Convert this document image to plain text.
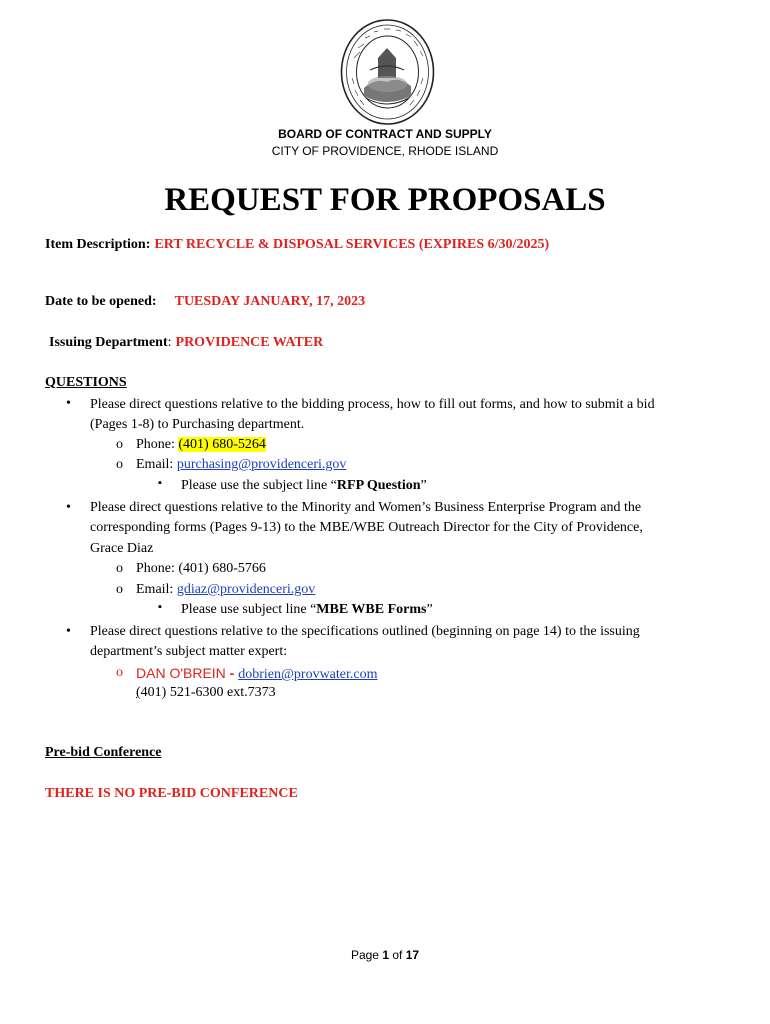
BOARD OF CONTRACT AND SUPPLY
CITY OF PROVIDENCE, RHODE ISLAND
REQUEST FOR PROPOSALS
Item Description: ERT RECYCLE & DISPOSAL SERVICES (EXPIRES 6/30/2025)
Date to be opened: TUESDAY JANUARY, 17, 2023
Issuing Department: PROVIDENCE WATER
QUESTIONS
• Please direct questions relative to the bidding process, how to fill out forms, and how to submit a bid
(Pages 1-8) to Purchasing department.
o Phone: (401) 680-5264
o Email: purchasing@providenceri.gov
▪ Please use the subject line “RFP Question”
• Please direct questions relative to the Minority and Women’s Business Enterprise Program and the
corresponding forms (Pages 9-13) to the MBE/WBE Outreach Director for the City of Providence,
Grace Diaz
o Phone: (401) 680-5766
o Email: gdiaz@providenceri.gov
▪ Please use subject line “MBE WBE Forms”
• Please direct questions relative to the specifications outlined (beginning on page 14) to the issuing
department’s subject matter expert:
o DAN O'BREIN - dobrien@provwater.com
(401) 521-6300 ext.7373
Pre-bid Conference
THERE IS NO PRE-BID CONFERENCE
Page 1 of 17
